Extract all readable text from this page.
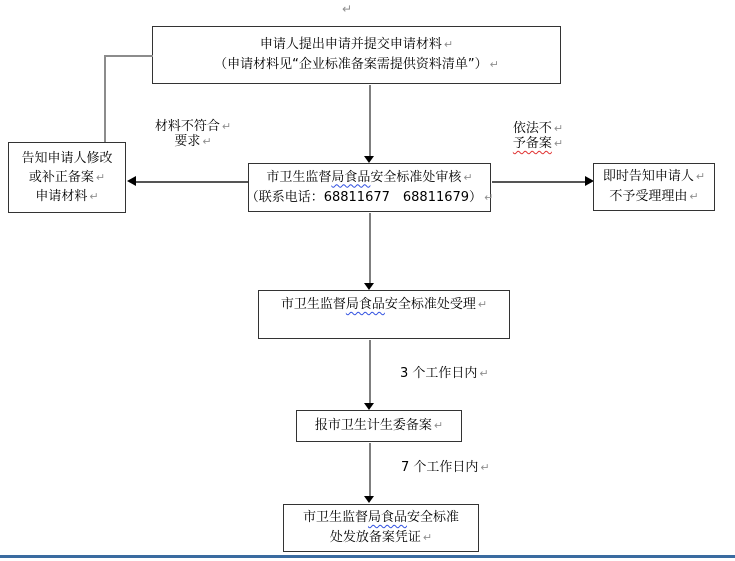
↵
申请人提出申请并提交申请材料 ↵
（申请材料见“企业标准备案需提供资料清单”） ↵
材料不符合 ↵
要求 ↵
依法不 ↵
予备案 ↵
告知申请人修改
或补正备案 ↵
申请材料 ↵
市卫生监督局食品安全标准处审核 ↵
（联系电话：68811677　68811679） ↵
即时告知申请人 ↵
不予受理理由 ↵
市卫生监督局食品安全标准处受理 ↵
3 个工作日内 ↵
报市卫生计生委备案 ↵
7 个工作日内 ↵
市卫生监督局食品安全标准
处发放备案凭证 ↵
